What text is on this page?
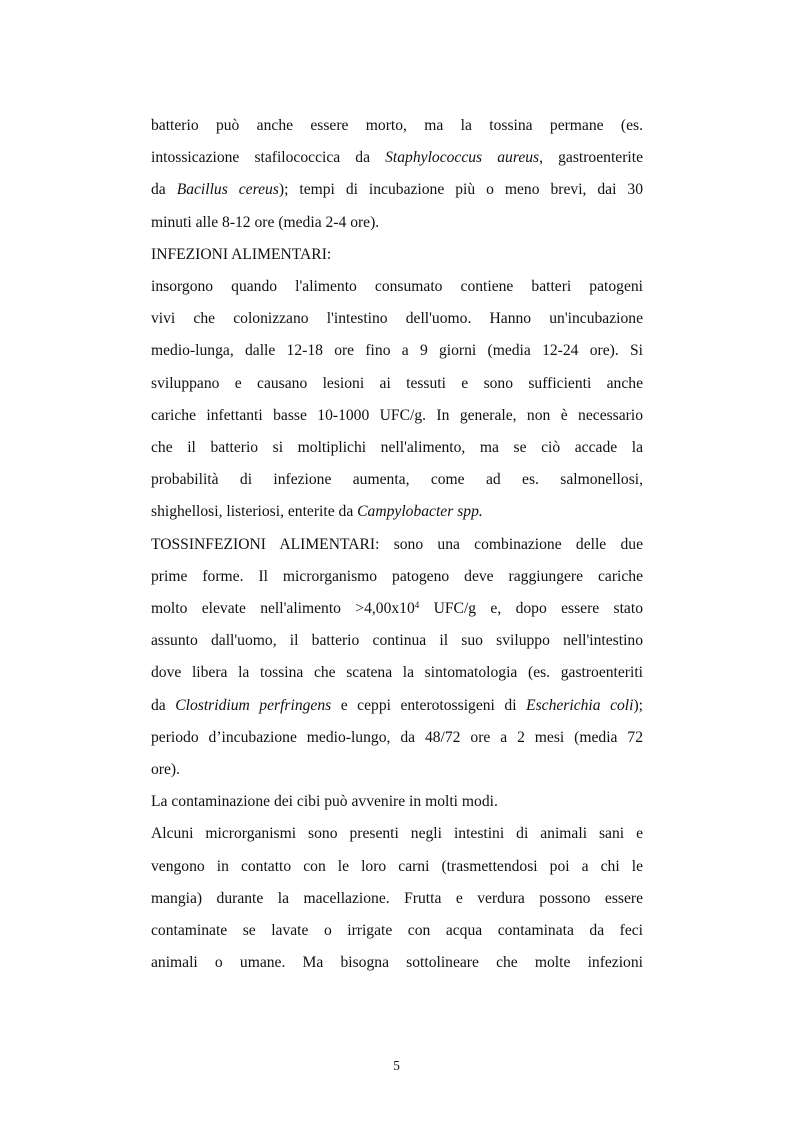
batterio può anche essere morto, ma la tossina permane (es.
intossicazione stafilococcica da Staphylococcus aureus, gastroenterite
da Bacillus cereus); tempi di incubazione più o meno brevi, dai 30
minuti alle 8-12 ore (media 2-4 ore).

INFEZIONI ALIMENTARI:

insorgono quando l'alimento consumato contiene batteri patogeni
vivi che colonizzano l'intestino dell'uomo. Hanno un'incubazione
medio-lunga, dalle 12-18 ore fino a 9 giorni (media 12-24 ore). Si
sviluppano e causano lesioni ai tessuti e sono sufficienti anche
cariche infettanti basse 10-1000 UFC/g. In generale, non è necessario
che il batterio si moltiplichi nell'alimento, ma se ciò accade la
probabilità di infezione aumenta, come ad es. salmonellosi,
shighellosi, listeriosi, enterite da Campylobacter spp.

TOSSINFEZIONI ALIMENTARI: sono una combinazione delle due
prime forme. Il microrganismo patogeno deve raggiungere cariche
molto elevate nell'alimento $>4,00x10^4$ UFC/g e, dopo essere stato
assunto dall'uomo, il batterio continua il suo sviluppo nell'intestino
dove libera la tossina che scatena la sintomatologia (es. gastroenteriti
da Clostridium perfringens e ceppi enterotossigeni di Escherichia coli);
periodo d’incubazione medio-lungo, da 48/72 ore a 2 mesi (media 72
ore).

La contaminazione dei cibi può avvenire in molti modi.

Alcuni microrganismi sono presenti negli intestini di animali sani e
vengono in contatto con le loro carni (trasmettendosi poi a chi le
mangia) durante la macellazione. Frutta e verdura possono essere
contaminate se lavate o irrigate con acqua contaminata da feci
animali o umane. Ma bisogna sottolineare che molte infezioni

5
